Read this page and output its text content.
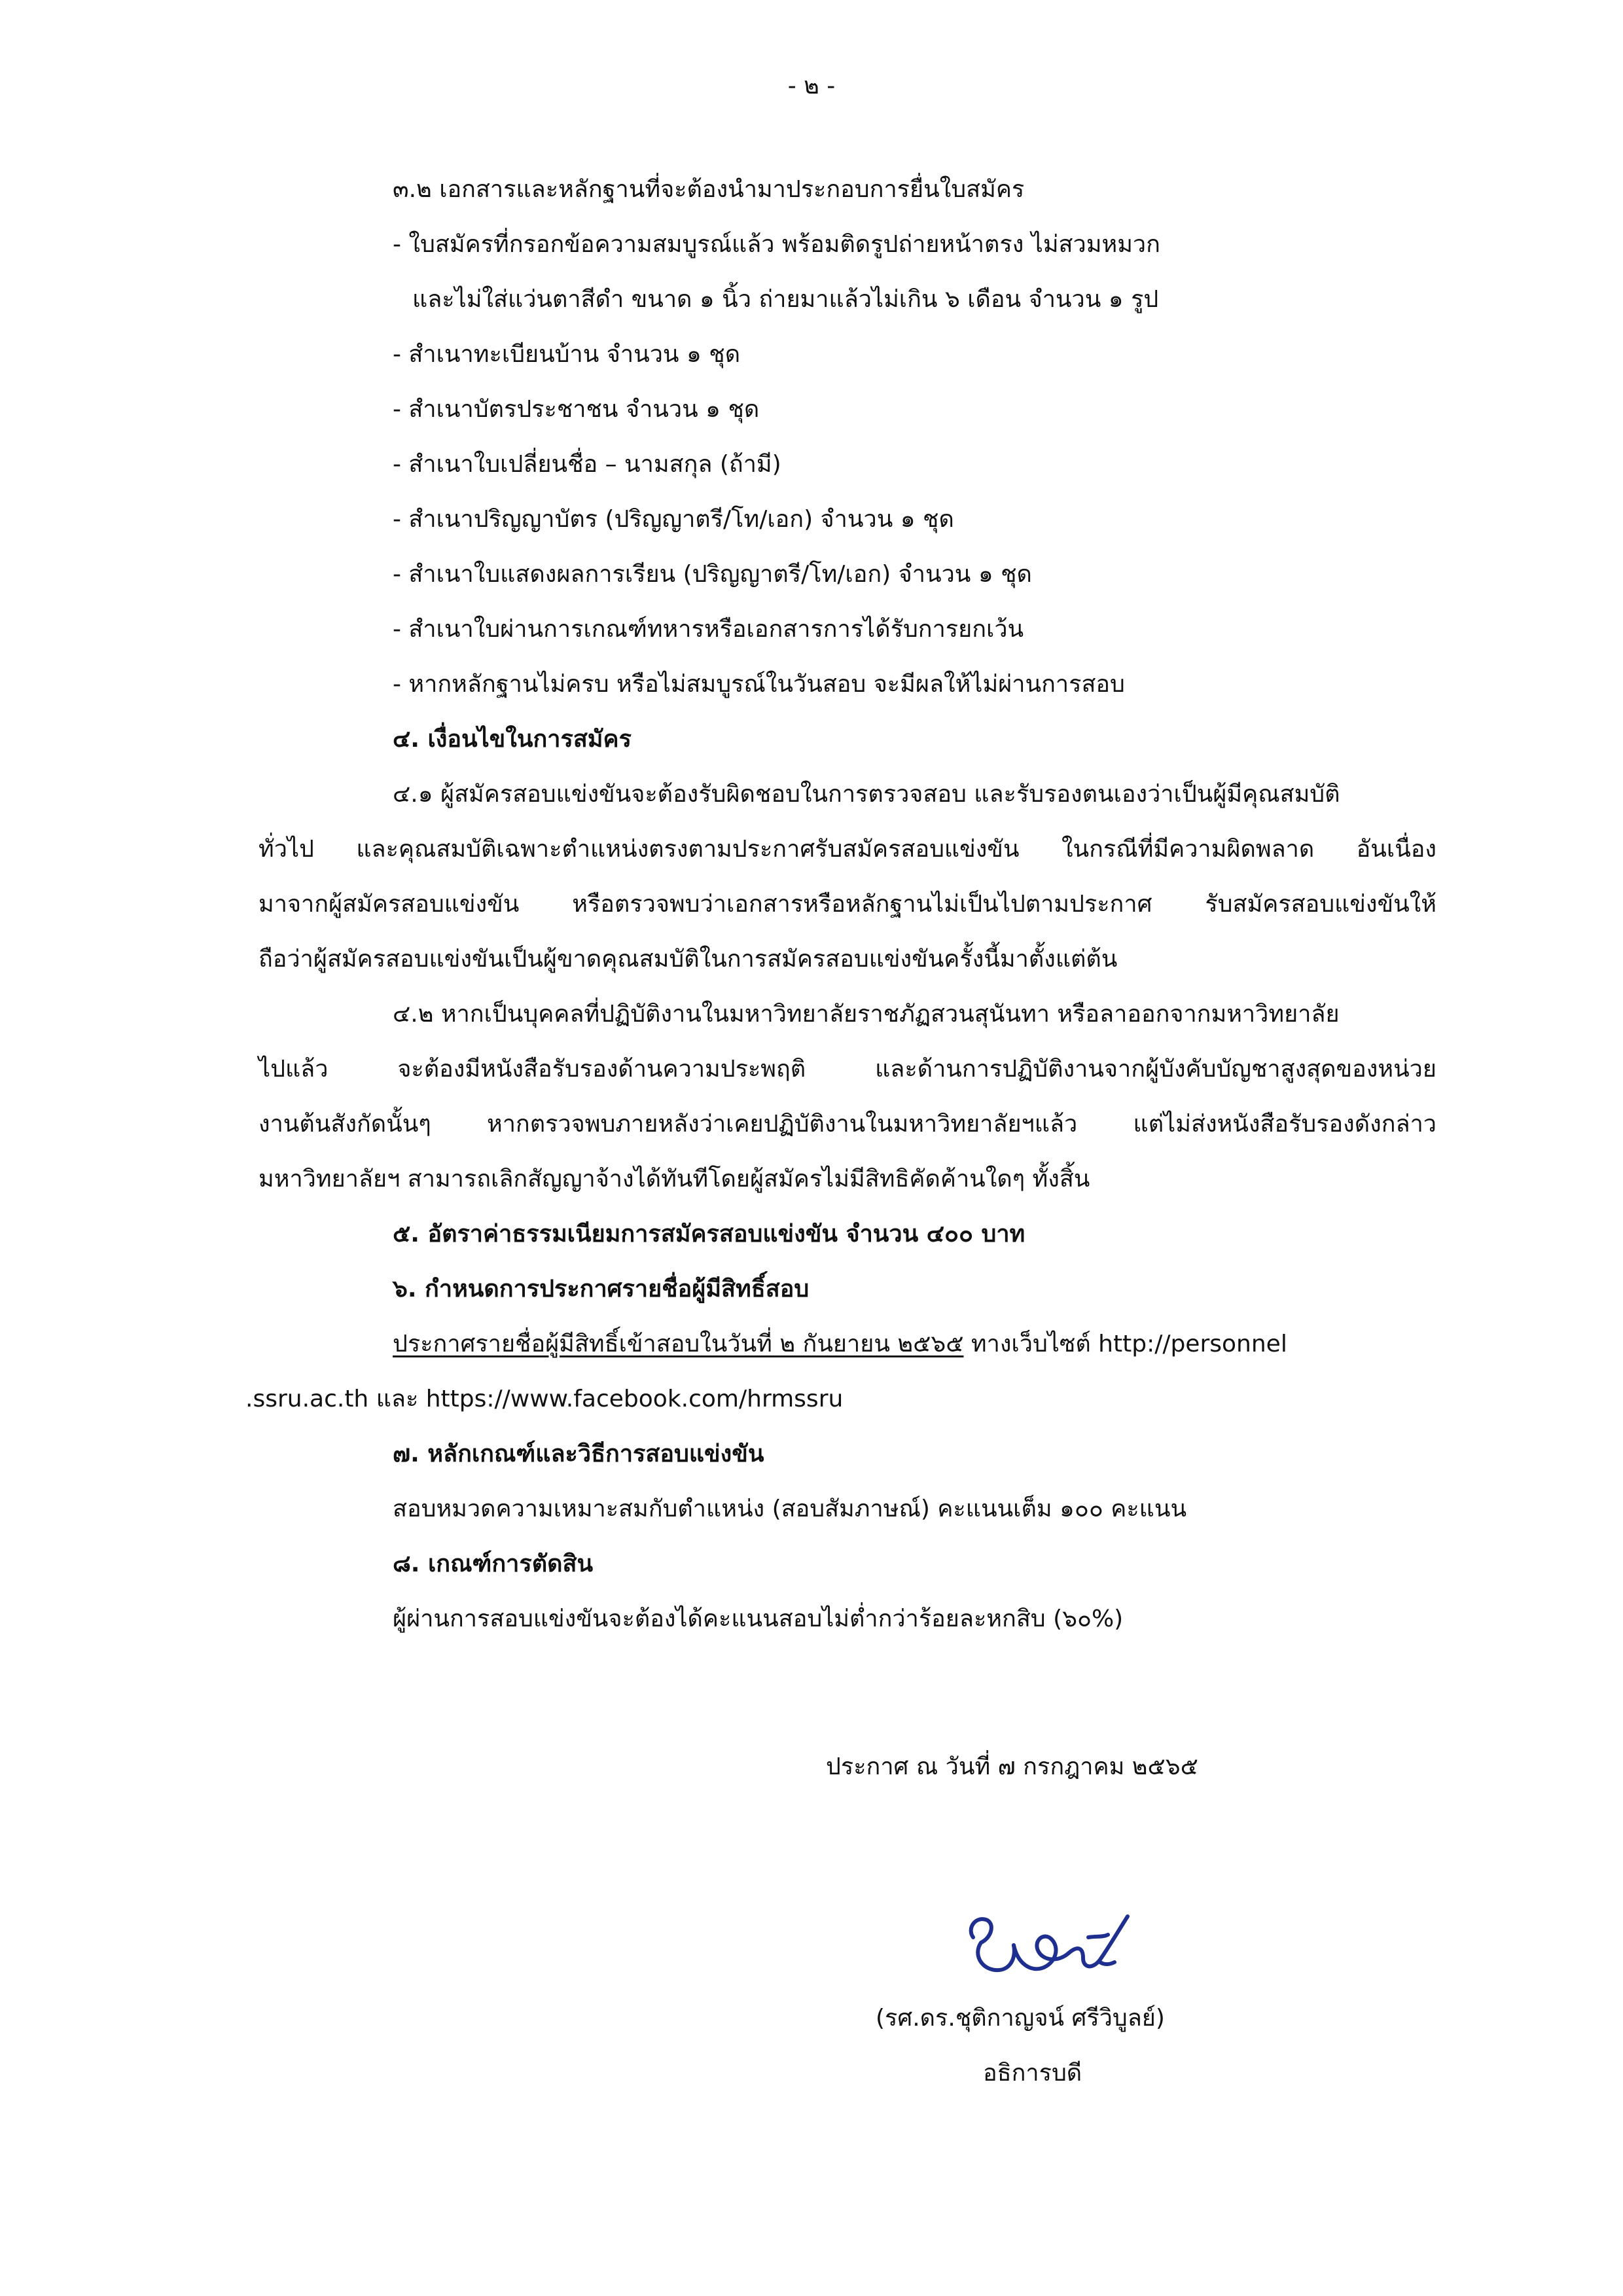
- ๒ -
๓.๒ เอกสารและหลักฐานที่จะต้องนำมาประกอบการยื่นใบสมัคร
- ใบสมัครที่กรอกข้อความสมบูรณ์แล้ว พร้อมติดรูปถ่ายหน้าตรง ไม่สวมหมวก
และไม่ใส่แว่นตาสีดำ ขนาด ๑ นิ้ว ถ่ายมาแล้วไม่เกิน ๖ เดือน จำนวน ๑ รูป
- สำเนาทะเบียนบ้าน จำนวน ๑ ชุด
- สำเนาบัตรประชาชน จำนวน ๑ ชุด
- สำเนาใบเปลี่ยนชื่อ – นามสกุล (ถ้ามี)
- สำเนาปริญญาบัตร (ปริญญาตรี/โท/เอก) จำนวน ๑ ชุด
- สำเนาใบแสดงผลการเรียน (ปริญญาตรี/โท/เอก) จำนวน ๑ ชุด
- สำเนาใบผ่านการเกณฑ์ทหารหรือเอกสารการได้รับการยกเว้น
- หากหลักฐานไม่ครบ หรือไม่สมบูรณ์ในวันสอบ จะมีผลให้ไม่ผ่านการสอบ
๔. เงื่อนไขในการสมัคร
๔.๑ ผู้สมัครสอบแข่งขันจะต้องรับผิดชอบในการตรวจสอบ และรับรองตนเองว่าเป็นผู้มีคุณสมบัติ
ทั่วไป และคุณสมบัติเฉพาะตำแหน่งตรงตามประกาศรับสมัครสอบแข่งขัน ในกรณีที่มีความผิดพลาด อันเนื่อง
มาจากผู้สมัครสอบแข่งขัน หรือตรวจพบว่าเอกสารหรือหลักฐานไม่เป็นไปตามประกาศ รับสมัครสอบแข่งขันให้
ถือว่าผู้สมัครสอบแข่งขันเป็นผู้ขาดคุณสมบัติในการสมัครสอบแข่งขันครั้งนี้มาตั้งแต่ต้น
๔.๒ หากเป็นบุคคลที่ปฏิบัติงานในมหาวิทยาลัยราชภัฏสวนสุนันทา หรือลาออกจากมหาวิทยาลัย
ไปแล้ว จะต้องมีหนังสือรับรองด้านความประพฤติ และด้านการปฏิบัติงานจากผู้บังคับบัญชาสูงสุดของหน่วย
งานต้นสังกัดนั้นๆ หากตรวจพบภายหลังว่าเคยปฏิบัติงานในมหาวิทยาลัยฯแล้ว แต่ไม่ส่งหนังสือรับรองดังกล่าว
มหาวิทยาลัยฯ สามารถเลิกสัญญาจ้างได้ทันทีโดยผู้สมัครไม่มีสิทธิคัดค้านใดๆ ทั้งสิ้น
๕. อัตราค่าธรรมเนียมการสมัครสอบแข่งขัน จำนวน ๔๐๐ บาท
๖. กำหนดการประกาศรายชื่อผู้มีสิทธิ์สอบ
ประกาศรายชื่อผู้มีสิทธิ์เข้าสอบในวันที่ ๒ กันยายน ๒๕๖๕ ทางเว็บไซต์ http://personnel
.ssru.ac.th และ https://www.facebook.com/hrmssru
๗. หลักเกณฑ์และวิธีการสอบแข่งขัน
สอบหมวดความเหมาะสมกับตำแหน่ง (สอบสัมภาษณ์) คะแนนเต็ม ๑๐๐ คะแนน
๘. เกณฑ์การตัดสิน
ผู้ผ่านการสอบแข่งขันจะต้องได้คะแนนสอบไม่ต่ำกว่าร้อยละหกสิบ (๖๐%)
ประกาศ ณ วันที่ ๗ กรกฎาคม ๒๕๖๕
(รศ.ดร.ชุติกาญจน์ ศรีวิบูลย์)
อธิการบดี
